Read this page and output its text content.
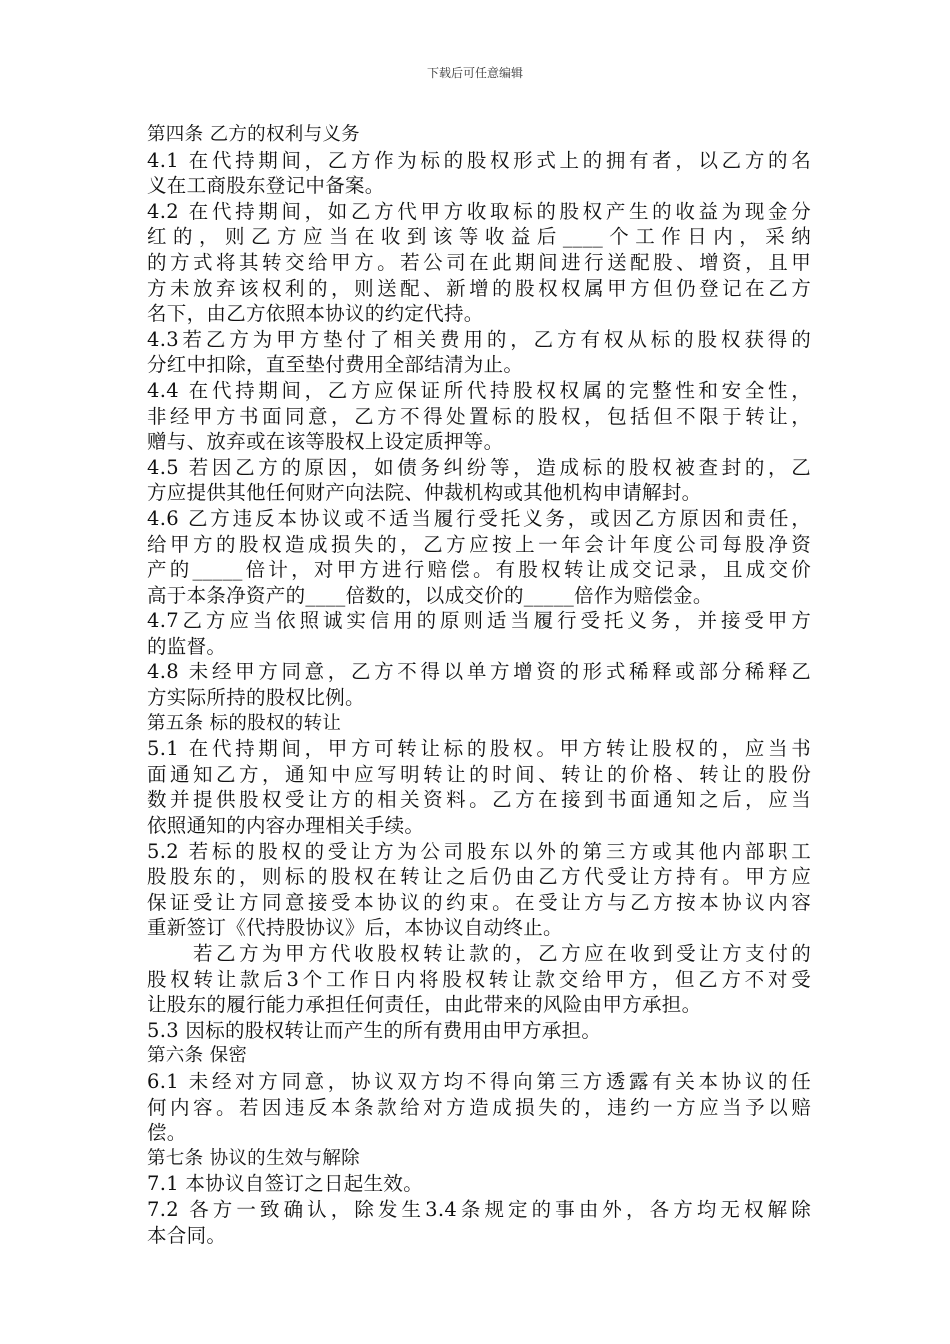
下载后可任意编辑
第四条 乙方的权利与义务
4.1 在代持期间，乙方作为标的股权形式上的拥有者，以乙方的名
义在工商股东登记中备案。
4.2 在代持期间，如乙方代甲方收取标的股权产生的收益为现金分
红的，则乙方应当在收到该等收益后____个工作日内，采纳
的方式将其转交给甲方。若公司在此期间进行送配股、增资，且甲
方未放弃该权利的，则送配、新增的股权权属甲方但仍登记在乙方
名下，由乙方依照本协议的约定代持。
4.3若乙方为甲方垫付了相关费用的，乙方有权从标的股权获得的
分红中扣除，直至垫付费用全部结清为止。
4.4 在代持期间，乙方应保证所代持股权权属的完整性和安全性，
非经甲方书面同意，乙方不得处置标的股权，包括但不限于转让，
赠与、放弃或在该等股权上设定质押等。
4.5 若因乙方的原因，如债务纠纷等，造成标的股权被查封的，乙
方应提供其他任何财产向法院、仲裁机构或其他机构申请解封。
4.6 乙方违反本协议或不适当履行受托义务，或因乙方原因和责任，
给甲方的股权造成损失的，乙方应按上一年会计年度公司每股净资
产的_____倍计，对甲方进行赔偿。有股权转让成交记录，且成交价
高于本条净资产的____倍数的，以成交价的_____倍作为赔偿金。
4.7乙方应当依照诚实信用的原则适当履行受托义务，并接受甲方
的监督。
4.8 未经甲方同意，乙方不得以单方增资的形式稀释或部分稀释乙
方实际所持的股权比例。
第五条 标的股权的转让
5.1 在代持期间，甲方可转让标的股权。甲方转让股权的，应当书
面通知乙方，通知中应写明转让的时间、转让的价格、转让的股份
数并提供股权受让方的相关资料。乙方在接到书面通知之后，应当
依照通知的内容办理相关手续。
5.2 若标的股权的受让方为公司股东以外的第三方或其他内部职工
股股东的，则标的股权在转让之后仍由乙方代受让方持有。甲方应
保证受让方同意接受本协议的约束。在受让方与乙方按本协议内容
重新签订《代持股协议》后，本协议自动终止。
　　若乙方为甲方代收股权转让款的，乙方应在收到受让方支付的
股权转让款后3个工作日内将股权转让款交给甲方，但乙方不对受
让股东的履行能力承担任何责任，由此带来的风险由甲方承担。
5.3 因标的股权转让而产生的所有费用由甲方承担。
第六条 保密
6.1 未经对方同意，协议双方均不得向第三方透露有关本协议的任
何内容。若因违反本条款给对方造成损失的，违约一方应当予以赔
偿。
第七条 协议的生效与解除
7.1 本协议自签订之日起生效。
7.2 各方一致确认，除发生3.4条规定的事由外，各方均无权解除
本合同。
